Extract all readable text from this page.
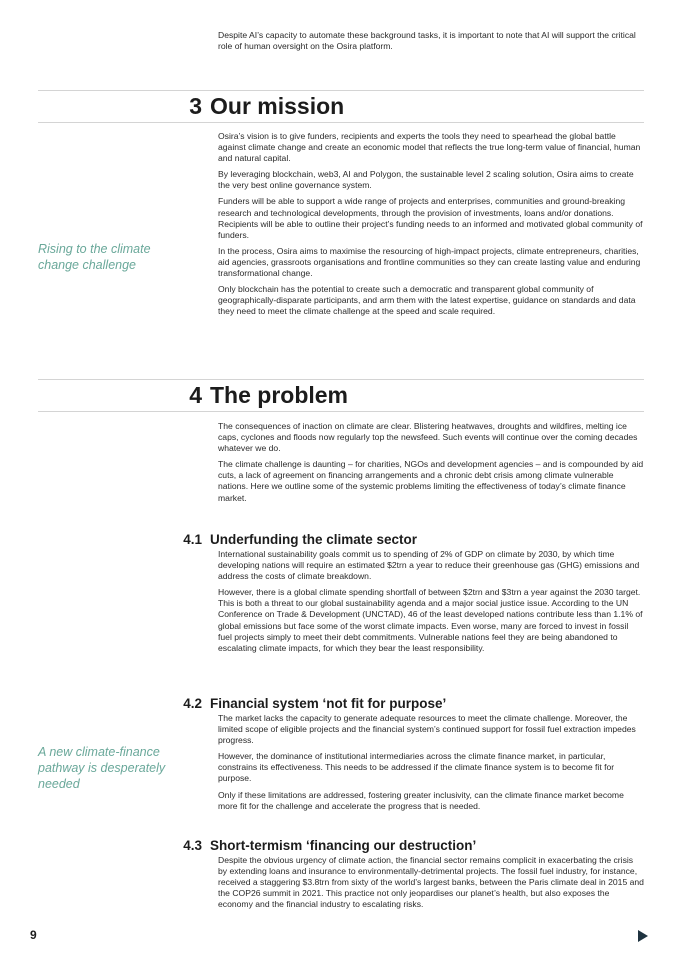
Despite AI’s capacity to automate these background tasks, it is important to note that AI will support the critical role of human oversight on the Osira platform.

3 Our mission
Rising to the climate change challenge

Osira’s vision is to give funders, recipients and experts the tools they need to spearhead the global battle against climate change and create an economic model that reflects the true long-term value of financial, human and natural capital.

By leveraging blockchain, web3, AI and Polygon, the sustainable level 2 scaling solution, Osira aims to create the very best online governance system.

Funders will be able to support a wide range of projects and enterprises, communities and ground-breaking research and technological developments, through the provision of investments, loans and/or donations. Recipients will be able to outline their project’s funding needs to an informed and motivated global community of funders.

In the process, Osira aims to maximise the resourcing of high-impact projects, climate entrepreneurs, charities, aid agencies, grassroots organisations and frontline communities so they can create lasting value and enduring transformational change.

Only blockchain has the potential to create such a democratic and transparent global community of geographically-disparate participants, and arm them with the latest expertise, guidance on standards and data they need to meet the climate challenge at the speed and scale required.

4 The problem

The consequences of inaction on climate are clear. Blistering heatwaves, droughts and wildfires, melting ice caps, cyclones and floods now regularly top the newsfeed. Such events will continue over the coming decades whatever we do.

The climate challenge is daunting – for charities, NGOs and development agencies – and is compounded by aid cuts, a lack of agreement on financing arrangements and a chronic debt crisis among climate vulnerable nations. Here we outline some of the systemic problems limiting the effectiveness of today’s climate finance market.

4.1 Underfunding the climate sector

International sustainability goals commit us to spending of 2% of GDP on climate by 2030, by which time developing nations will require an estimated $2trn a year to reduce their greenhouse gas (GHG) emissions and address the costs of climate breakdown.

However, there is a global climate spending shortfall of between $2trn and $3trn a year against the 2030 target. This is both a threat to our global sustainability agenda and a major social justice issue. According to the UN Conference on Trade & Development (UNCTAD), 46 of the least developed nations contribute less than 1.1% of global emissions but face some of the worst climate impacts. Even worse, many are forced to invest in fossil fuel projects simply to meet their debt commitments. Vulnerable nations feel they are being abandoned to escalating climate impacts, for which they bear the least responsibility.

4.2 Financial system ‘not fit for purpose’
A new climate-finance pathway is desperately needed

The market lacks the capacity to generate adequate resources to meet the climate challenge. Moreover, the limited scope of eligible projects and the financial system’s continued support for fossil fuel extraction impedes progress.

However, the dominance of institutional intermediaries across the climate finance market, in particular, constrains its effectiveness. This needs to be addressed if the climate finance system is to become fit for purpose.

Only if these limitations are addressed, fostering greater inclusivity, can the climate finance market become more fit for the challenge and accelerate the progress that is needed.

4.3 Short-termism ‘financing our destruction’

Despite the obvious urgency of climate action, the financial sector remains complicit in exacerbating the crisis by extending loans and insurance to environmentally-detrimental projects. The fossil fuel industry, for instance, received a staggering $3.8trn from sixty of the world’s largest banks, between the Paris climate deal in 2015 and the COP26 summit in 2021. This practice not only jeopardises our planet’s health, but also exposes the economy and the financial industry to escalating risks.

9
